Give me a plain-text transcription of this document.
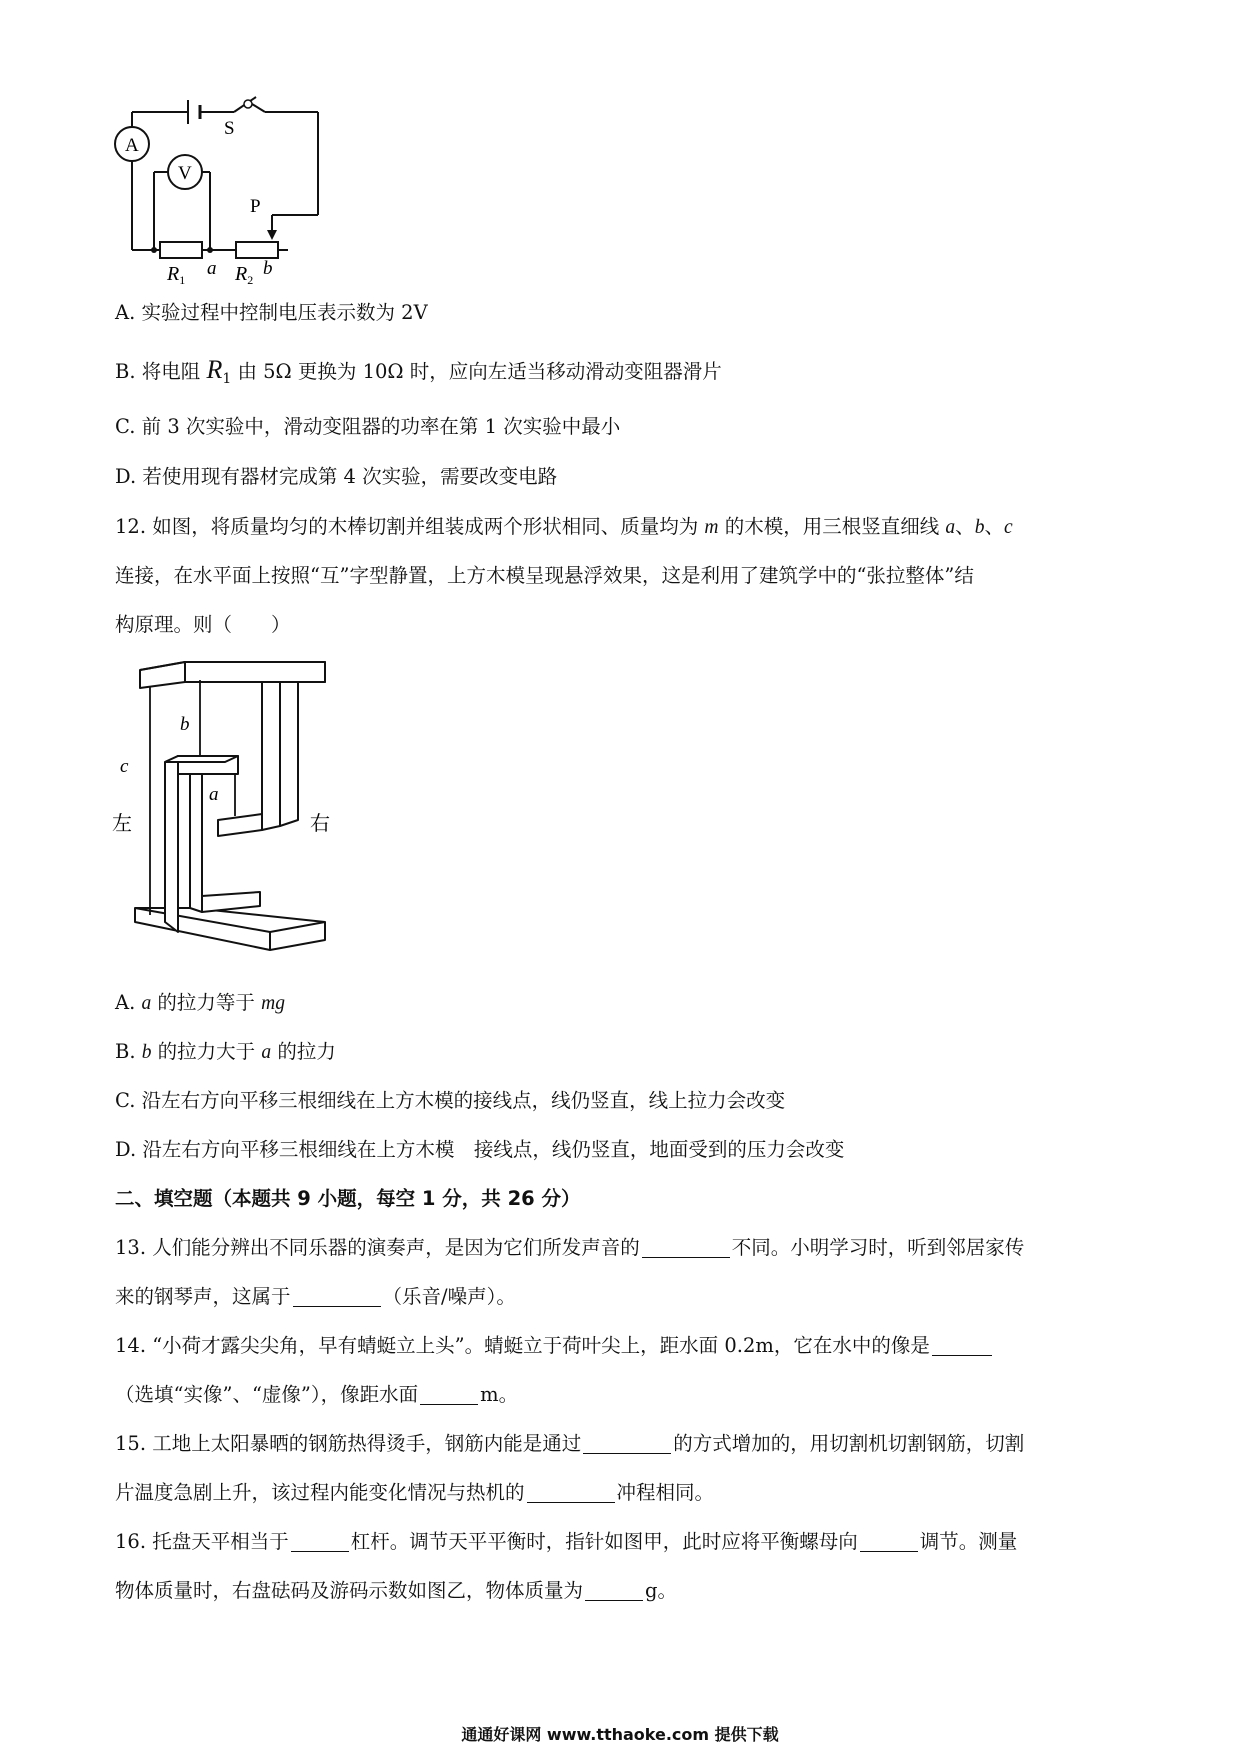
A
V
S
P
$R_1$
a $R_2$
b
A. 实验过程中控制电压表示数为 2V
B. 将电阻 $R_1$ 由 5Ω 更换为 10Ω 时，应向左适当移动滑动变阻器滑片
C. 前 3 次实验中，滑动变阻器的功率在第 1 次实验中最小
D. 若使用现有器材完成第 4 次实验，需要改变电路
12. 如图，将质量均匀的木棒切割并组装成两个形状相同、质量均为 m 的木模，用三根竖直细线 a、b、c
连接，在水平面上按照“互”字型静置，上方木模呈现悬浮效果，这是利用了建筑学中的“张拉整体”结
构原理。则（　　）
c
b
a
左	右
A. a 的拉力等于 mg
B. b 的拉力大于 a 的拉力
C. 沿左右方向平移三根细线在上方木模的接线点，线仍竖直，线上拉力会改变
D. 沿左右方向平移三根细线在上方木模　接线点，线仍竖直，地面受到的压力会改变
二、填空题（本题共 9 小题，每空 1 分，共 26 分）
13. 人们能分辨出不同乐器的演奏声，是因为它们所发声音的	不同。小明学习时，听到邻居家传
来的钢琴声，这属于	（乐音/噪声）。
14. “小荷才露尖尖角，早有蜻蜓立上头”。蜻蜓立于荷叶尖上，距水面 0.2m，它在水中的像是
（选填“实像”、“虚像”），像距水面	m。
15. 工地上太阳暴晒的钢筋热得烫手，钢筋内能是通过	的方式增加的，用切割机切割钢筋，切割
片温度急剧上升，该过程内能变化情况与热机的	冲程相同。
16. 托盘天平相当于	杠杆。调节天平平衡时，指针如图甲，此时应将平衡螺母向	调节。测量
物体质量时，右盘砝码及游码示数如图乙，物体质量为	g。
通通好课网 www.tthaoke.com 提供下载
